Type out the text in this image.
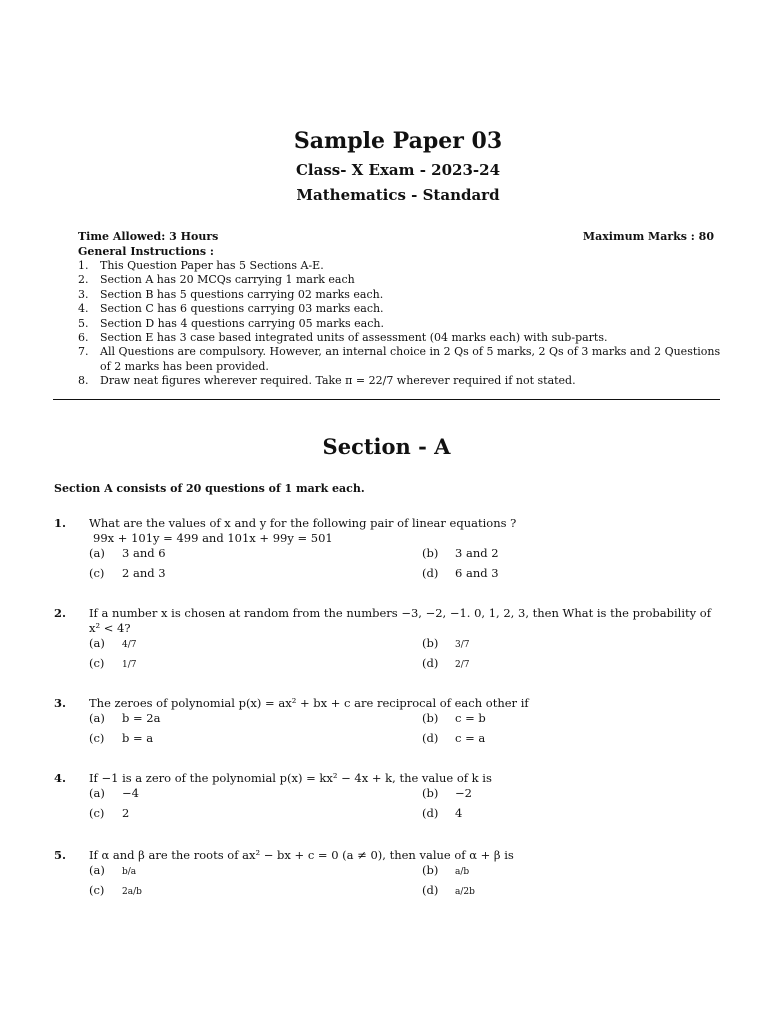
Sample Paper 03
Class- X Exam - 2023-24
Mathematics - Standard
Time Allowed: 3 Hours	Maximum Marks : 80
General Instructions :
1.	This Question Paper has 5 Sections A-E.
2.	Section A has 20 MCQs carrying 1 mark each
3.	Section B has 5 questions carrying 02 marks each.
4.	Section C has 6 questions carrying 03 marks each.
5.	Section D has 4 questions carrying 05 marks each.
6.	Section E has 3 case based integrated units of assessment (04 marks each) with sub-parts.
7.	All Questions are compulsory. However, an internal choice in 2 Qs of 5 marks, 2 Qs of 3 marks and 2 Questions of 2 marks has been provided.
8.	Draw neat figures wherever required. Take π = 22/7 wherever required if not stated.
Section - A
Section A consists of 20 questions of 1 mark each.
1. What are the values of x and y for the following pair of linear equations ?
99x + 101y = 499 and 101x + 99y = 501
(a) 3 and 6	(b) 3 and 2
(c) 2 and 3	(d) 6 and 3
2. If a number x is chosen at random from the numbers −3, −2, −1. 0, 1, 2, 3, then What is the probability of x² < 4?
(a) 4/7	(b) 3/7
(c) 1/7	(d) 2/7
3. The zeroes of polynomial p(x) = ax² + bx + c are reciprocal of each other if
(a) b = 2a	(b) c = b
(c) b = a	(d) c = a
4. If −1 is a zero of the polynomial p(x) = kx² − 4x + k, the value of k is
(a) −4	(b) −2
(c) 2	(d) 4
5. If α and β are the roots of ax² − bx + c = 0 (a ≠ 0), then value of α + β is
(a) b/a	(b) a/b
(c) 2a/b	(d) a/2b
